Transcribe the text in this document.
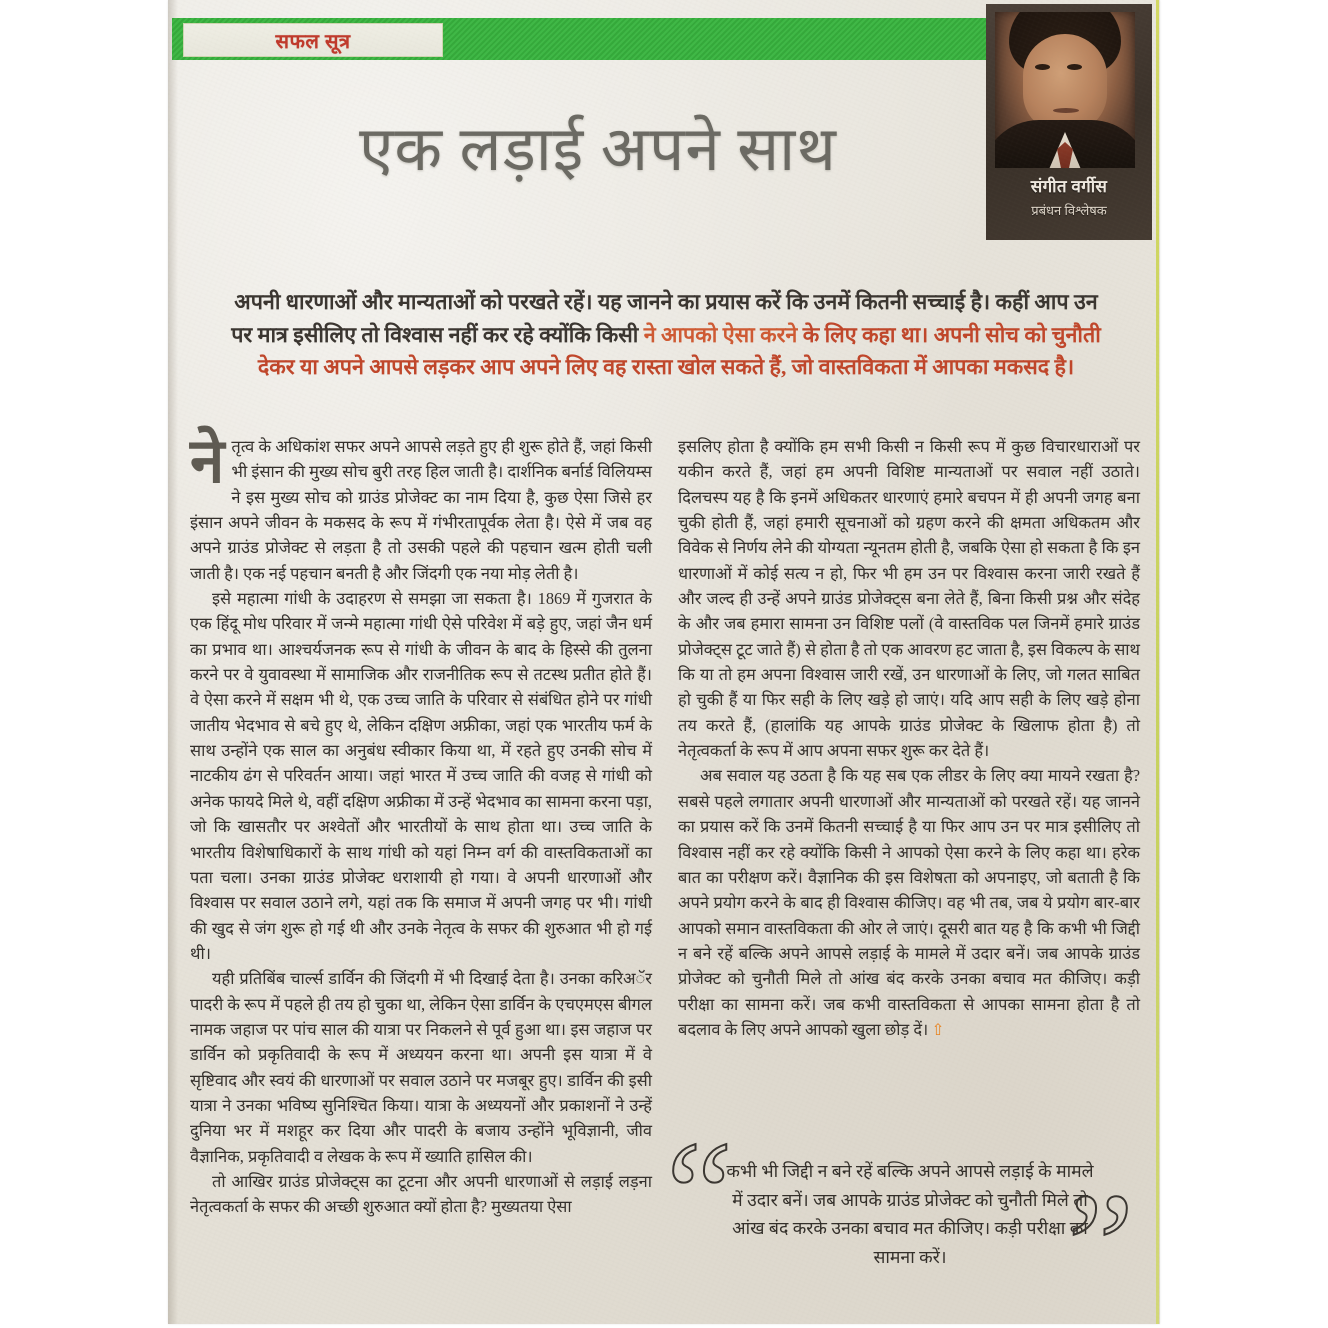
सफल सूत्र
संगीत वर्गीस
प्रबंधन विश्लेषक
एक लड़ाई अपने साथ
अपनी धारणाओं और मान्यताओं को परखते रहें। यह जानने का प्रयास करें कि उनमें कितनी सच्चाई है। कहीं आप उन पर मात्र इसीलिए तो विश्वास नहीं कर रहे क्योंकि किसी ने आपको ऐसा करने के लिए कहा था। अपनी सोच को चुनौती देकर या अपने आपसे लड़कर आप अपने लिए वह रास्ता खोल सकते हैं, जो वास्तविकता में आपका मकसद है।

नेतृत्व के अधिकांश सफर अपने आपसे लड़ते हुए ही शुरू होते हैं, जहां किसी भी इंसान की मुख्य सोच बुरी तरह हिल जाती है। दार्शनिक बर्नार्ड विलियम्स ने इस मुख्य सोच को ग्राउंड प्रोजेक्ट का नाम दिया है, कुछ ऐसा जिसे हर इंसान अपने जीवन के मकसद के रूप में गंभीरतापूर्वक लेता है। ऐसे में जब वह अपने ग्राउंड प्रोजेक्ट से लड़ता है तो उसकी पहले की पहचान खत्म होती चली जाती है। एक नई पहचान बनती है और जिंदगी एक नया मोड़ लेती है।

इसे महात्मा गांधी के उदाहरण से समझा जा सकता है। 1869 में गुजरात के एक हिंदू मोध परिवार में जन्मे महात्मा गांधी ऐसे परिवेश में बड़े हुए, जहां जैन धर्म का प्रभाव था। आश्चर्यजनक रूप से गांधी के जीवन के बाद के हिस्से की तुलना करने पर वे युवावस्था में सामाजिक और राजनीतिक रूप से तटस्थ प्रतीत होते हैं। वे ऐसा करने में सक्षम भी थे, एक उच्च जाति के परिवार से संबंधित होने पर गांधी जातीय भेदभाव से बचे हुए थे, लेकिन दक्षिण अफ्रीका, जहां एक भारतीय फर्म के साथ उन्होंने एक साल का अनुबंध स्वीकार किया था, में रहते हुए उनकी सोच में नाटकीय ढंग से परिवर्तन आया। जहां भारत में उच्च जाति की वजह से गांधी को अनेक फायदे मिले थे, वहीं दक्षिण अफ्रीका में उन्हें भेदभाव का सामना करना पड़ा, जो कि खासतौर पर अश्वेतों और भारतीयों के साथ होता था। उच्च जाति के भारतीय विशेषाधिकारों के साथ गांधी को यहां निम्न वर्ग की वास्तविकताओं का पता चला। उनका ग्राउंड प्रोजेक्ट धराशायी हो गया। वे अपनी धारणाओं और विश्वास पर सवाल उठाने लगे, यहां तक कि समाज में अपनी जगह पर भी। गांधी की खुद से जंग शुरू हो गई थी और उनके नेतृत्व के सफर की शुरुआत भी हो गई थी।

यही प्रतिबिंब चार्ल्स डार्विन की जिंदगी में भी दिखाई देता है। उनका करिअॅर पादरी के रूप में पहले ही तय हो चुका था, लेकिन ऐसा डार्विन के एचएमएस बीगल नामक जहाज पर पांच साल की यात्रा पर निकलने से पूर्व हुआ था। इस जहाज पर डार्विन को प्रकृतिवादी के रूप में अध्ययन करना था। अपनी इस यात्रा में वे सृष्टिवाद और स्वयं की धारणाओं पर सवाल उठाने पर मजबूर हुए। डार्विन की इसी यात्रा ने उनका भविष्य सुनिश्चित किया। यात्रा के अध्ययनों और प्रकाशनों ने उन्हें दुनिया भर में मशहूर कर दिया और पादरी के बजाय उन्होंने भूविज्ञानी, जीव वैज्ञानिक, प्रकृतिवादी व लेखक के रूप में ख्याति हासिल की।

तो आखिर ग्राउंड प्रोजेक्ट्स का टूटना और अपनी धारणाओं से लड़ाई लड़ना नेतृत्वकर्ता के सफर की अच्छी शुरुआत क्यों होता है? मुख्यतया ऐसा

इसलिए होता है क्योंकि हम सभी किसी न किसी रूप में कुछ विचारधाराओं पर यकीन करते हैं, जहां हम अपनी विशिष्ट मान्यताओं पर सवाल नहीं उठाते। दिलचस्प यह है कि इनमें अधिकतर धारणाएं हमारे बचपन में ही अपनी जगह बना चुकी होती हैं, जहां हमारी सूचनाओं को ग्रहण करने की क्षमता अधिकतम और विवेक से निर्णय लेने की योग्यता न्यूनतम होती है, जबकि ऐसा हो सकता है कि इन धारणाओं में कोई सत्य न हो, फिर भी हम उन पर विश्वास करना जारी रखते हैं और जल्द ही उन्हें अपने ग्राउंड प्रोजेक्ट्स बना लेते हैं, बिना किसी प्रश्न और संदेह के और जब हमारा सामना उन विशिष्ट पलों (वे वास्तविक पल जिनमें हमारे ग्राउंड प्रोजेक्ट्स टूट जाते हैं) से होता है तो एक आवरण हट जाता है, इस विकल्प के साथ कि या तो हम अपना विश्वास जारी रखें, उन धारणाओं के लिए, जो गलत साबित हो चुकी हैं या फिर सही के लिए खड़े हो जाएं। यदि आप सही के लिए खड़े होना तय करते हैं, (हालांकि यह आपके ग्राउंड प्रोजेक्ट के खिलाफ होता है) तो नेतृत्वकर्ता के रूप में आप अपना सफर शुरू कर देते हैं।

अब सवाल यह उठता है कि यह सब एक लीडर के लिए क्या मायने रखता है? सबसे पहले लगातार अपनी धारणाओं और मान्यताओं को परखते रहें। यह जानने का प्रयास करें कि उनमें कितनी सच्चाई है या फिर आप उन पर मात्र इसीलिए तो विश्वास नहीं कर रहे क्योंकि किसी ने आपको ऐसा करने के लिए कहा था। हरेक बात का परीक्षण करें। वैज्ञानिक की इस विशेषता को अपनाइए, जो बताती है कि अपने प्रयोग करने के बाद ही विश्वास कीजिए। वह भी तब, जब ये प्रयोग बार-बार आपको समान वास्तविकता की ओर ले जाएं। दूसरी बात यह है कि कभी भी जिद्दी न बने रहें बल्कि अपने आपसे लड़ाई के मामले में उदार बनें। जब आपके ग्राउंड प्रोजेक्ट को चुनौती मिले तो आंख बंद करके उनका बचाव मत कीजिए। कड़ी परीक्षा का सामना करें। जब कभी वास्तविकता से आपका सामना होता है तो बदलाव के लिए अपने आपको खुला छोड़ दें। ⇧

“
कभी भी जिद्दी न बने रहें बल्कि अपने आपसे लड़ाई के मामले में उदार बनें। जब आपके ग्राउंड प्रोजेक्ट को चुनौती मिले तो आंख बंद करके उनका बचाव मत कीजिए। कड़ी परीक्षा का सामना करें। ”
